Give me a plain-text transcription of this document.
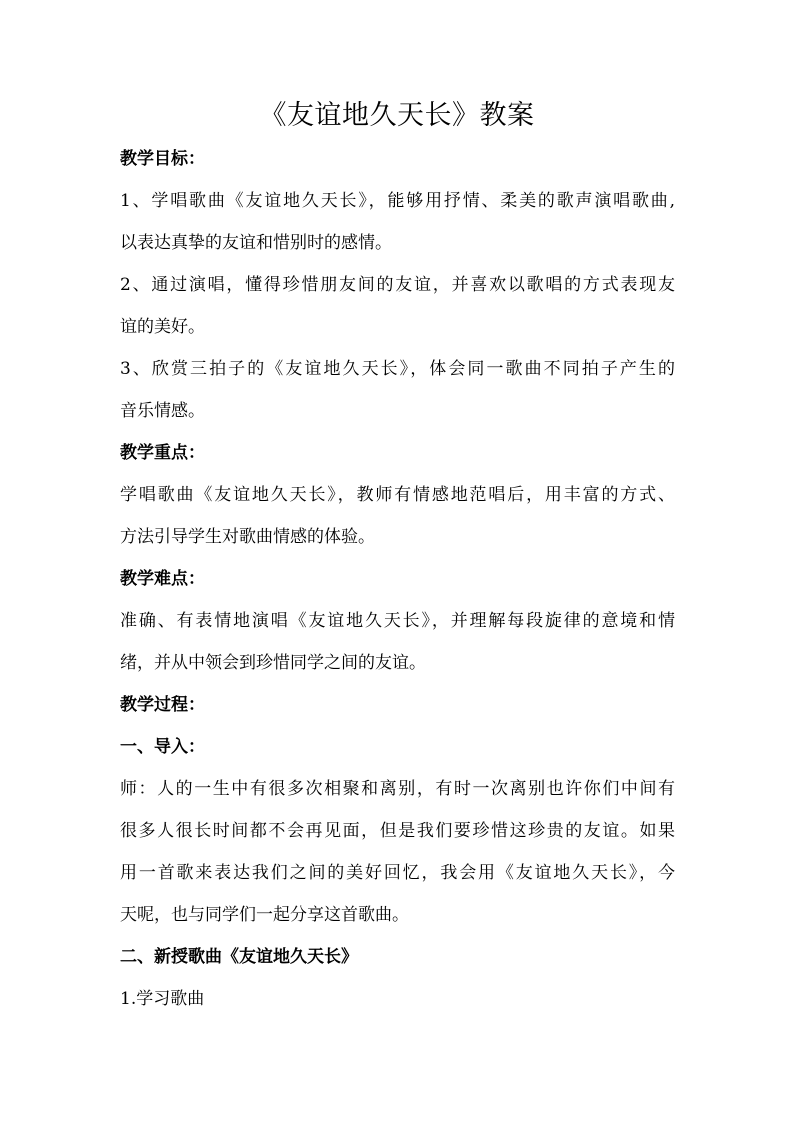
《友谊地久天长》教案

教学目标：

1、学唱歌曲《友谊地久天长》，能够用抒情、柔美的歌声演唱歌曲,

以表达真挚的友谊和惜别时的感情。

2、通过演唱，懂得珍惜朋友间的友谊，并喜欢以歌唱的方式表现友

谊的美好。

3、欣赏三拍子的《友谊地久天长》，体会同一歌曲不同拍子产生的

音乐情感。

教学重点：

学唱歌曲《友谊地久天长》，教师有情感地范唱后，用丰富的方式、

方法引导学生对歌曲情感的体验。

教学难点：

准确、有表情地演唱《友谊地久天长》，并理解每段旋律的意境和情

绪，并从中领会到珍惜同学之间的友谊。

教学过程：

一、导入：

师：人的一生中有很多次相聚和离别，有时一次离别也许你们中间有

很多人很长时间都不会再见面，但是我们要珍惜这珍贵的友谊。如果

用一首歌来表达我们之间的美好回忆，我会用《友谊地久天长》，今

天呢，也与同学们一起分享这首歌曲。

二、新授歌曲《友谊地久天长》

1.学习歌曲
